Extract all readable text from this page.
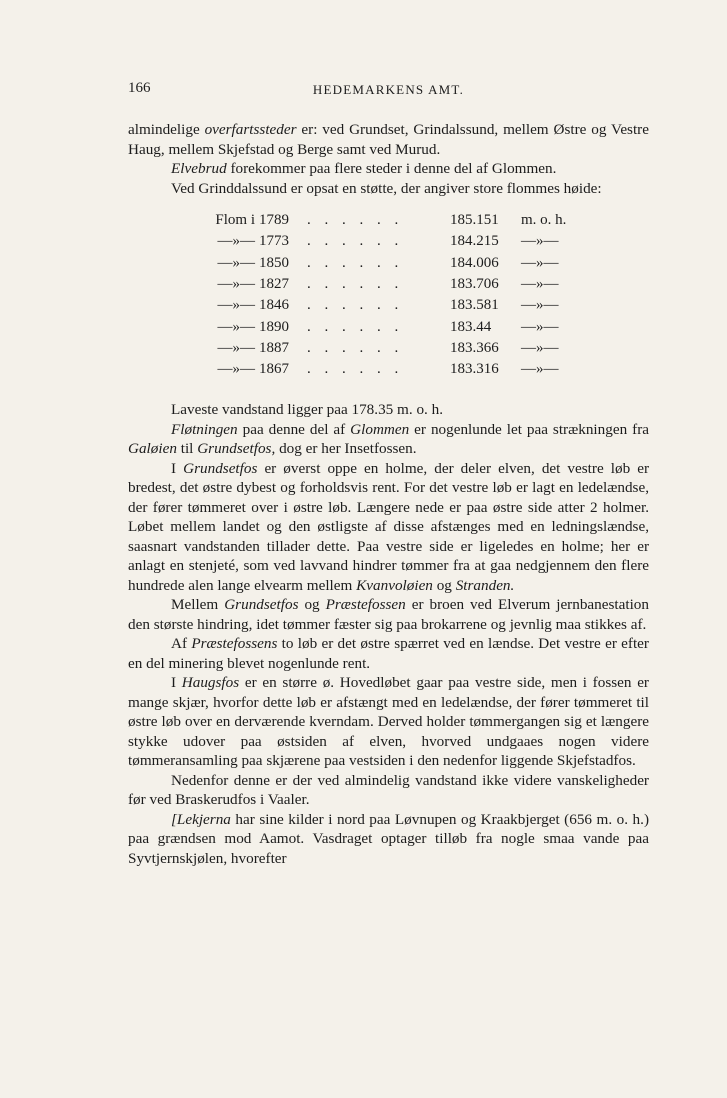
166	HEDEMARKENS AMT.

almindelige overfartssteder er: ved Grundset, Grindalssund, mellem Østre og Vestre Haug, mellem Skjefstad og Berge samt ved Murud.

Elvebrud forekommer paa flere steder i denne del af Glommen.

Ved Grinddalssund er opsat en støtte, der angiver store flommes høide:

Flom i 1789 . . . . . .	185.151 m. o. h.
—»— 1773 . . . . . .	184.215 —»—
—»— 1850 . . . . . .	184.006 —»—
—»— 1827 . . . . . .	183.706 —»—
—»— 1846 . . . . . .	183.581 —»—
—»— 1890 . . . . . .	183.44 —»—
—»— 1887 . . . . . .	183.366 —»—
—»— 1867 . . . . . .	183.316 —»—

Laveste vandstand ligger paa 178.35 m. o. h.

Fløtningen paa denne del af Glommen er nogenlunde let paa strækningen fra Galøien til Grundsetfos, dog er her Insetfossen.

I Grundsetfos er øverst oppe en holme, der deler elven, det vestre løb er bredest, det østre dybest og forholdsvis rent. For det vestre løb er lagt en ledelændse, der fører tømmeret over i østre løb. Længere nede er paa østre side atter 2 holmer. Løbet mellem landet og den østligste af disse afstænges med en ledningslændse, saasnart vandstanden tillader dette. Paa vestre side er ligeledes en holme; her er anlagt en stenjeté, som ved lavvand hindrer tømmer fra at gaa nedgjennem den flere hundrede alen lange elvearm mellem Kvanvoløien og Stranden.

Mellem Grundsetfos og Præstefossen er broen ved Elverum jernbanestation den største hindring, idet tømmer fæster sig paa brokarrene og jevnlig maa stikkes af.

Af Præstefossens to løb er det østre spærret ved en lændse. Det vestre er efter en del minering blevet nogenlunde rent.

I Haugsfos er en større ø. Hovedløbet gaar paa vestre side, men i fossen er mange skjær, hvorfor dette løb er afstængt med en ledelændse, der fører tømmeret til østre løb over en derværende kverndam. Derved holder tømmergangen sig et længere stykke udover paa østsiden af elven, hvorved undgaaes nogen videre tømmeransamling paa skjærene paa vestsiden i den nedenfor liggende Skjefstadfos.

Nedenfor denne er der ved almindelig vandstand ikke videre vanskeligheder før ved Braskerudfos i Vaaler.

[Lekjerna har sine kilder i nord paa Løvnupen og Kraakbjerget (656 m. o. h.) paa grændsen mod Aamot. Vasdraget optager tilløb fra nogle smaa vande paa Syvtjernskjølen, hvorefter
